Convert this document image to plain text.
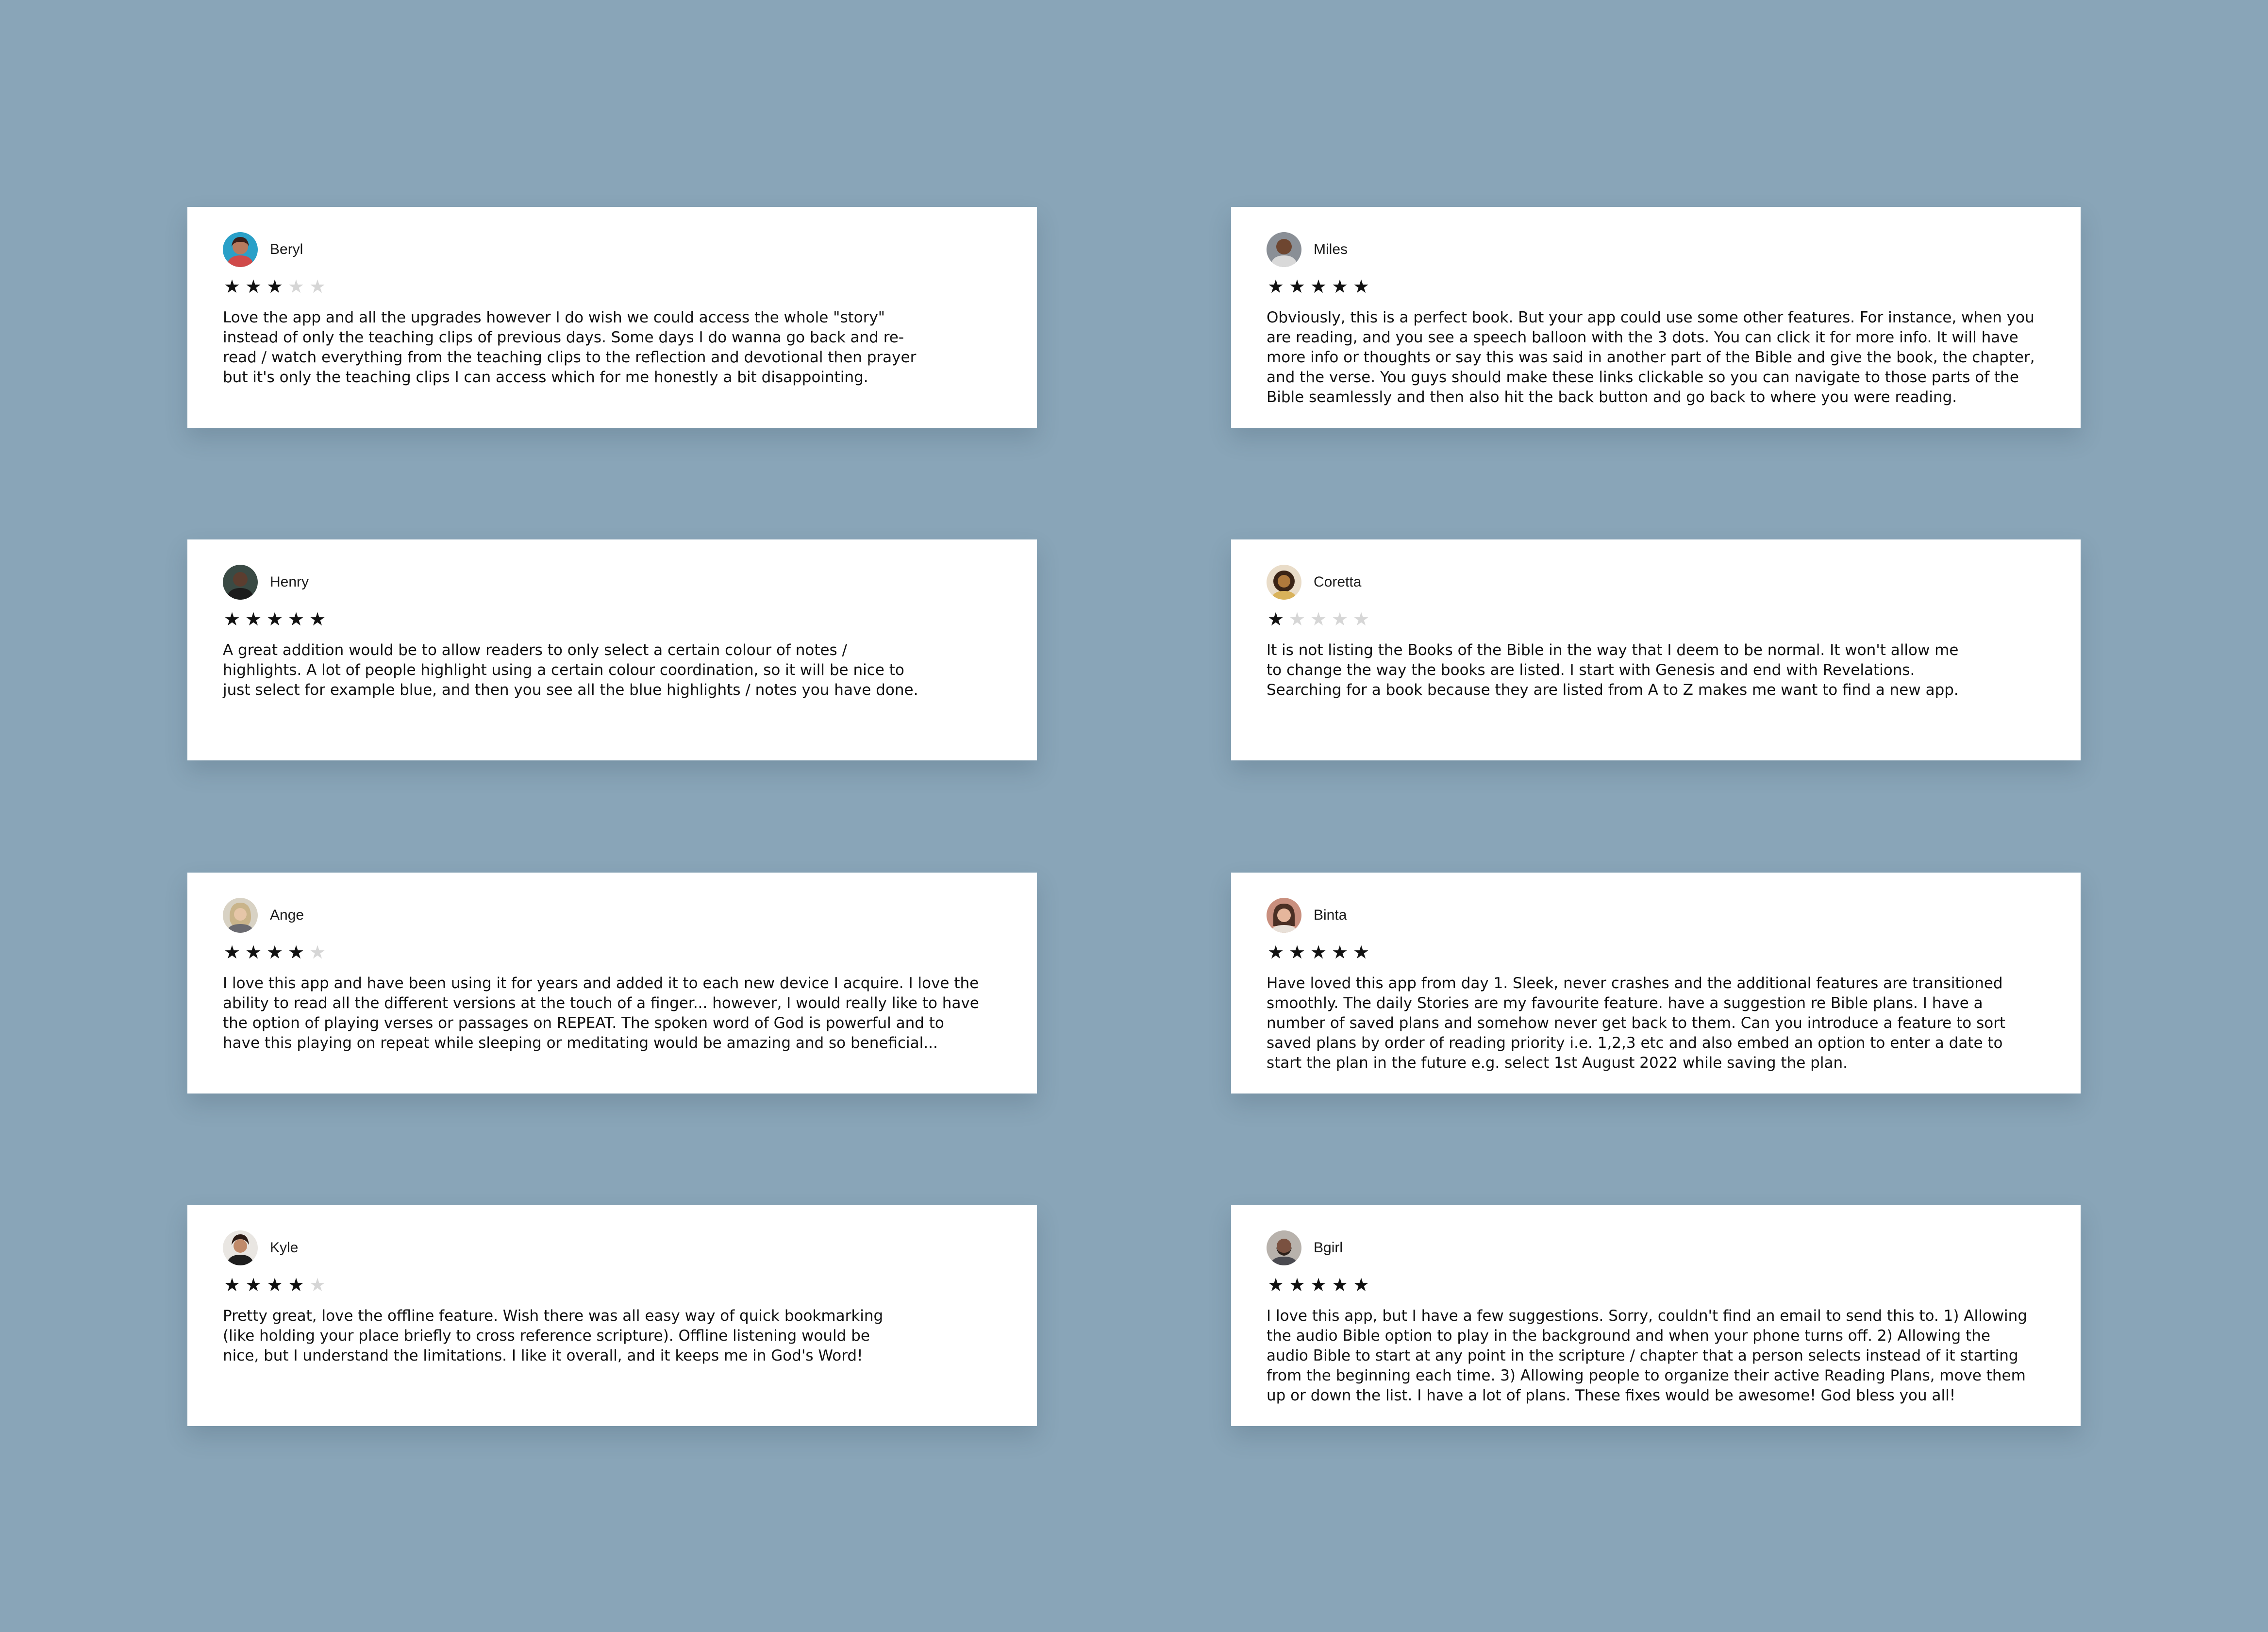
Beryl
★ ★ ★ ★ ★

Love the app and all the upgrades however I do wish we could access the whole "story"
instead of only the teaching clips of previous days. Some days I do wanna go back and re-
read / watch everything from the teaching clips to the reflection and devotional then prayer
but it's only the teaching clips I can access which for me honestly a bit disappointing.

Miles
★ ★ ★ ★ ★

Obviously, this is a perfect book. But your app could use some other features. For instance, when you
are reading, and you see a speech balloon with the 3 dots. You can click it for more info. It will have
more info or thoughts or say this was said in another part of the Bible and give the book, the chapter,
and the verse. You guys should make these links clickable so you can navigate to those parts of the
Bible seamlessly and then also hit the back button and go back to where you were reading.

Henry
★ ★ ★ ★ ★

A great addition would be to allow readers to only select a certain colour of notes /
highlights. A lot of people highlight using a certain colour coordination, so it will be nice to
just select for example blue, and then you see all the blue highlights / notes you have done.

Coretta
★ ★ ★ ★ ★

It is not listing the Books of the Bible in the way that I deem to be normal. It won't allow me
to change the way the books are listed. I start with Genesis and end with Revelations.
Searching for a book because they are listed from A to Z makes me want to find a new app.

Ange
★ ★ ★ ★ ★

I love this app and have been using it for years and added it to each new device I acquire. I love the
ability to read all the different versions at the touch of a finger... however, I would really like to have
the option of playing verses or passages on REPEAT. The spoken word of God is powerful and to
have this playing on repeat while sleeping or meditating would be amazing and so beneficial...

Binta
★ ★ ★ ★ ★

Have loved this app from day 1. Sleek, never crashes and the additional features are transitioned
smoothly. The daily Stories are my favourite feature. have a suggestion re Bible plans. I have a
number of saved plans and somehow never get back to them. Can you introduce a feature to sort
saved plans by order of reading priority i.e. 1,2,3 etc and also embed an option to enter a date to
start the plan in the future e.g. select 1st August 2022 while saving the plan.

Kyle
★ ★ ★ ★ ★

Pretty great, love the offline feature. Wish there was all easy way of quick bookmarking
(like holding your place briefly to cross reference scripture). Offline listening would be
nice, but I understand the limitations. I like it overall, and it keeps me in God's Word!

Bgirl
★ ★ ★ ★ ★

I love this app, but I have a few suggestions. Sorry, couldn't find an email to send this to. 1) Allowing
the audio Bible option to play in the background and when your phone turns off. 2) Allowing the
audio Bible to start at any point in the scripture / chapter that a person selects instead of it starting
from the beginning each time. 3) Allowing people to organize their active Reading Plans, move them
up or down the list. I have a lot of plans. These fixes would be awesome! God bless you all!
